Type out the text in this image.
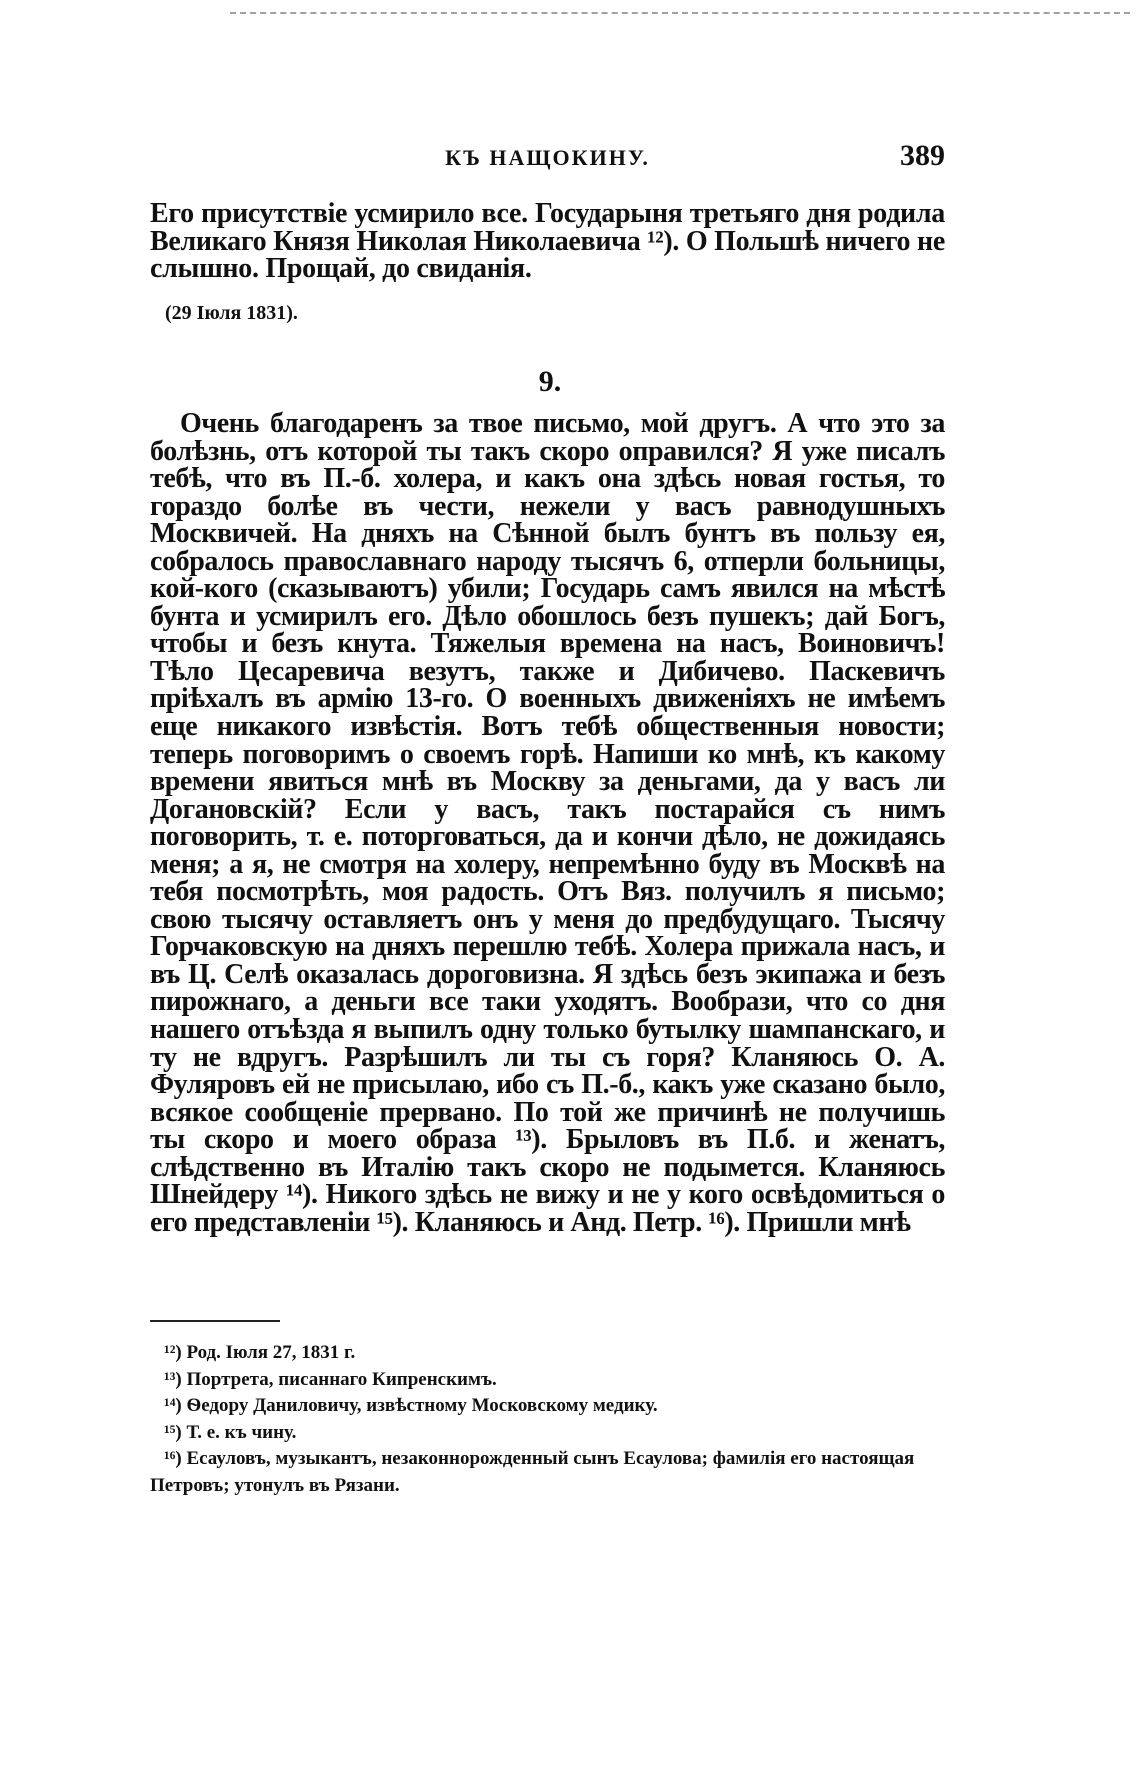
КЪ НАЩОКИНУ.	389

Его присутствіе усмирило все. Государыня третьяго дня родила Великаго Князя Николая Николаевича ¹²). О Польшѣ ничего не слышно. Прощай, до свиданія.

(29 Іюля 1831).
9.

Очень благодаренъ за твое письмо, мой другъ. А что это за болѣзнь, отъ которой ты такъ скоро оправился? Я уже писалъ тебѣ, что въ П.-б. холера, и какъ она здѣсь новая гостья, то гораздо болѣе въ чести, нежели у васъ равнодушныхъ Москвичей. На дняхъ на Сѣнной былъ бунтъ въ пользу ея, собралось православнаго народу тысячъ 6, отперли больницы, кой-кого (сказываютъ) убили; Государь самъ явился на мѣстѣ бунта и усмирилъ его. Дѣло обошлось безъ пушекъ; дай Богъ, чтобы и безъ кнута. Тяжелыя времена на насъ, Воиновичъ! Тѣло Цесаревича везутъ, также и Дибичево. Паскевичъ пріѣхалъ въ армію 13-го. О военныхъ движеніяхъ не имѣемъ еще никакого извѣстія. Вотъ тебѣ общественныя новости; теперь поговоримъ о своемъ горѣ. Напиши ко мнѣ, къ какому времени явиться мнѣ въ Москву за деньгами, да у васъ ли Догановскій? Если у васъ, такъ постарайся съ нимъ поговорить, т. е. поторговаться, да и кончи дѣло, не дожидаясь меня; а я, не смотря на холеру, непремѣнно буду въ Москвѣ на тебя посмотрѣть, моя радость. Отъ Вяз. получилъ я письмо; свою тысячу оставляетъ онъ у меня до предбудущаго. Тысячу Горчаковскую на дняхъ перешлю тебѣ. Холера прижала насъ, и въ Ц. Селѣ оказалась дороговизна. Я здѣсь безъ экипажа и безъ пирожнаго, а деньги все таки уходятъ. Вообрази, что со дня нашего отъѣзда я выпилъ одну только бутылку шампанскаго, и ту не вдругъ. Разрѣшилъ ли ты съ горя? Кланяюсь О. А. Фуляровъ ей не присылаю, ибо съ П.-б., какъ уже сказано было, всякое сообщеніе прервано. По той же причинѣ не получишь ты скоро и моего образа ¹³). Брыловъ въ П.б. и женатъ, слѣдственно въ Италію такъ скоро не подымется. Кланяюсь Шнейдеру ¹⁴). Никого здѣсь не вижу и не у кого освѣдомиться о его представленіи ¹⁵). Кланяюсь и Анд. Петр. ¹⁶). Пришли мнѣ

¹²) Род. Іюля 27, 1831 г.

¹³) Портрета, писаннаго Кипренскимъ.

¹⁴) Ѳедору Даниловичу, извѣстному Московскому медику.

¹⁵) Т. е. къ чину.

¹⁶) Есауловъ, музыкантъ, незаконнорожденный сынъ Есаулова; фамилія его настоящая Петровъ; утонулъ въ Рязани.
